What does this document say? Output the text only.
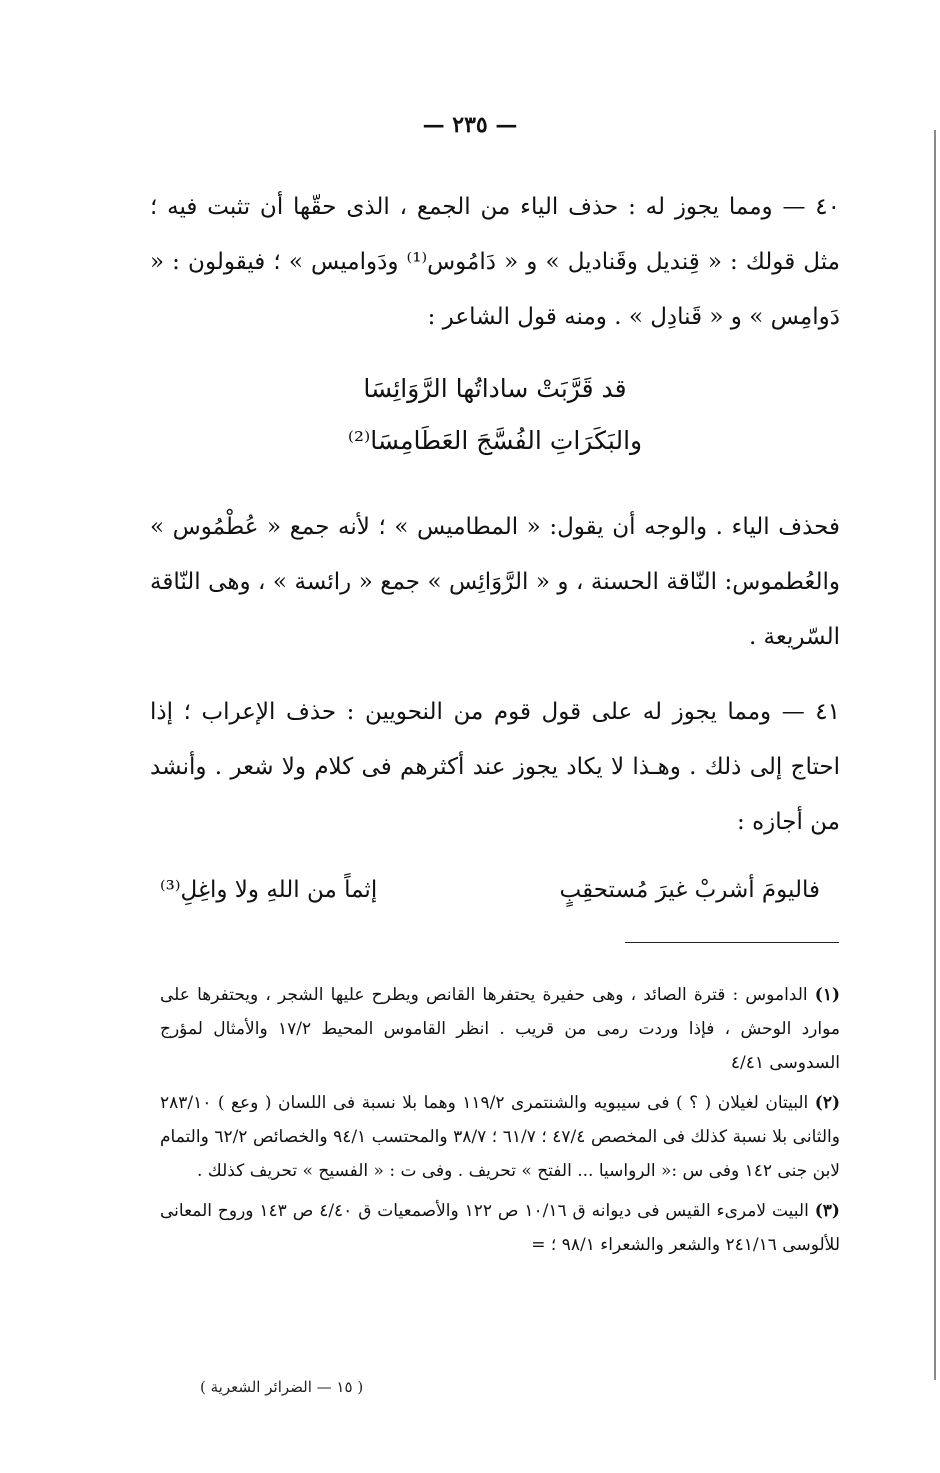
— ٢٣٥ —

٤٠ — ومما يجوز له : حذف الياء من الجمع ، الذى حقّها أن تثبت فيه ؛ مثل قولك : « قِنديل وقَناديل » و « دَامُوس⁽¹⁾ ودَواميس » ؛ فيقولون : « دَوامِس » و « قَنادِل » . ومنه قول الشاعر :

قد قَرَّبَتْ ساداتُها الرَّوَائِسَا
والبَكَرَاتِ الفُسَّجَ العَطَامِسَا⁽²⁾

فحذف الياء . والوجه أن يقول: « المطاميس » ؛ لأنه جمع « عُطْمُوس » والعُطموس: النّاقة الحسنة ، و « الرَّوَائِس » جمع « رائسة » ، وهى النّاقة السّريعة .

٤١ — ومما يجوز له على قول قوم من النحويين : حذف الإعراب ؛ إذا احتاج إلى ذلك . وهـذا لا يكاد يجوز عند أكثرهم فى كلام ولا شعر . وأنشد من أجازه :

فاليومَ أشربْ غيرَ مُستحقِبٍ
إثماً من اللهِ ولا واغِلِ⁽³⁾
(١) الداموس : قترة الصائد ، وهى حفيرة يحتفرها القانص ويطرح عليها الشجر ، ويحتفرها على موارد الوحش ، فإذا وردت رمى من قريب . انظر القاموس المحيط ١٧/٢ والأمثال لمؤرج السدوسى ٤/٤١
(٢) البيتان لغيلان ( ؟ ) فى سيبويه والشنتمرى ١١٩/٢ وهما بلا نسبة فى اللسان ( وعع ) ٢٨٣/١٠ والثانى بلا نسبة كذلك فى المخصص ٤٧/٤ ؛ ٦١/٧ ؛ ٣٨/٧ والمحتسب ٩٤/١ والخصائص ٦٢/٢ والتمام لابن جنى ١٤٢ وفى س :« الرواسيا ... الفتح » تحريف . وفى ت : « الفسيح » تحريف كذلك .
(٣) البيت لامرىء القيس فى ديوانه ق ١٠/١٦ ص ١٢٢ والأصمعيات ق ٤/٤٠ ص ١٤٣ وروح المعانى للألوسى ٢٤١/١٦ والشعر والشعراء ٩٨/١ ؛ =
( ١٥ — الضرائر الشعرية )
